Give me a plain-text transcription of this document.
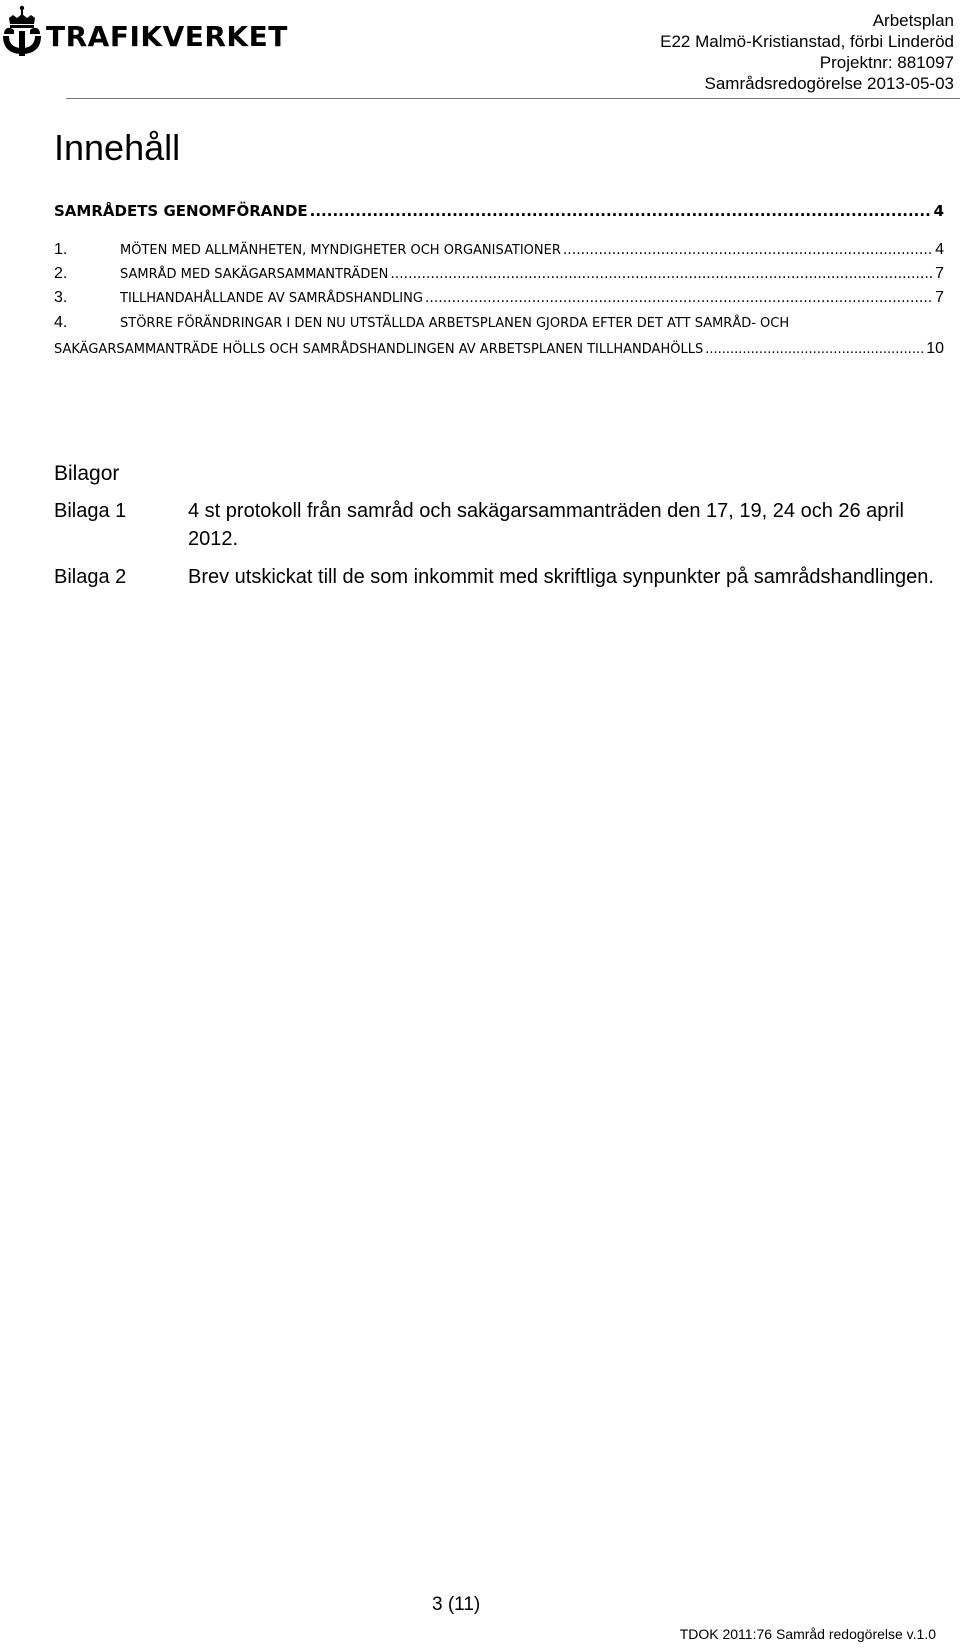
TRAFIKVERKET	Arbetsplan
E22 Malmö-Kristianstad, förbi Linderöd
Projektnr: 881097
Samrådsredogörelse 2013-05-03
Innehåll
SAMRÅDETS GENOMFÖRANDE .....	4
1.	MÖTEN MED ALLMÄNHETEN, MYNDIGHETER OCH ORGANISATIONER .....	4
2.	SAMRÅD MED SAKÄGARSAMMANTRÄDEN .....	7
3.	TILLHANDAHÅLLANDE AV SAMRÅDSHANDLING .....	7
4.	STÖRRE FÖRÄNDRINGAR I DEN NU UTSTÄLLDA ARBETSPLANEN GJORDA EFTER DET ATT SAMRÅD- OCH
SAKÄGARSAMMANTRÄDE HÖLLS OCH SAMRÅDSHANDLINGEN AV ARBETSPLANEN TILLHANDAHÖLLS .....	10
Bilagor
Bilaga 1	4 st protokoll från samråd och sakägarsammanträden den 17, 19, 24 och 26 april 2012.
Bilaga 2	Brev utskickat till de som inkommit med skriftliga synpunkter på samrådshandlingen.
3 (11)
TDOK 2011:76 Samråd redogörelse v.1.0
